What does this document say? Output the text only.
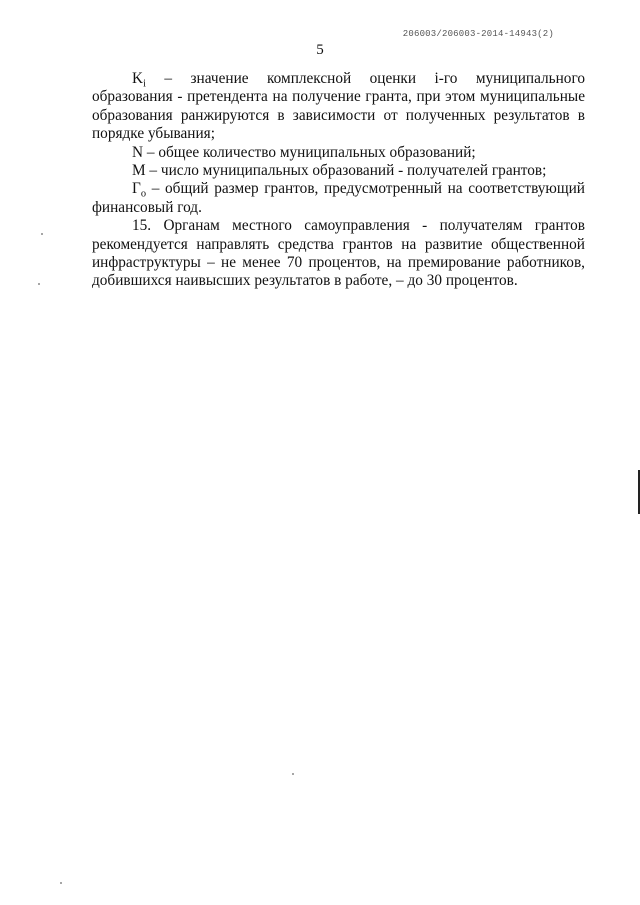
206003/206003-2014-14943(2)
5

$K_i$   –   значение   комплексной   оценки   i-го   муниципального образования - претендента на получение гранта, при этом муниципальные образования ранжируются в зависимости от полученных результатов в порядке убывания;

N – общее количество муниципальных образований;

M – число муниципальных образований - получателей грантов;

$Г_о$ – общий размер грантов, предусмотренный на соответствующий финансовый год.

15. Органам местного самоуправления - получателям грантов рекомендуется направлять средства грантов на развитие общественной инфраструктуры – не менее 70 процентов, на премирование работников, добившихся наивысших результатов в работе, – до 30 процентов.
